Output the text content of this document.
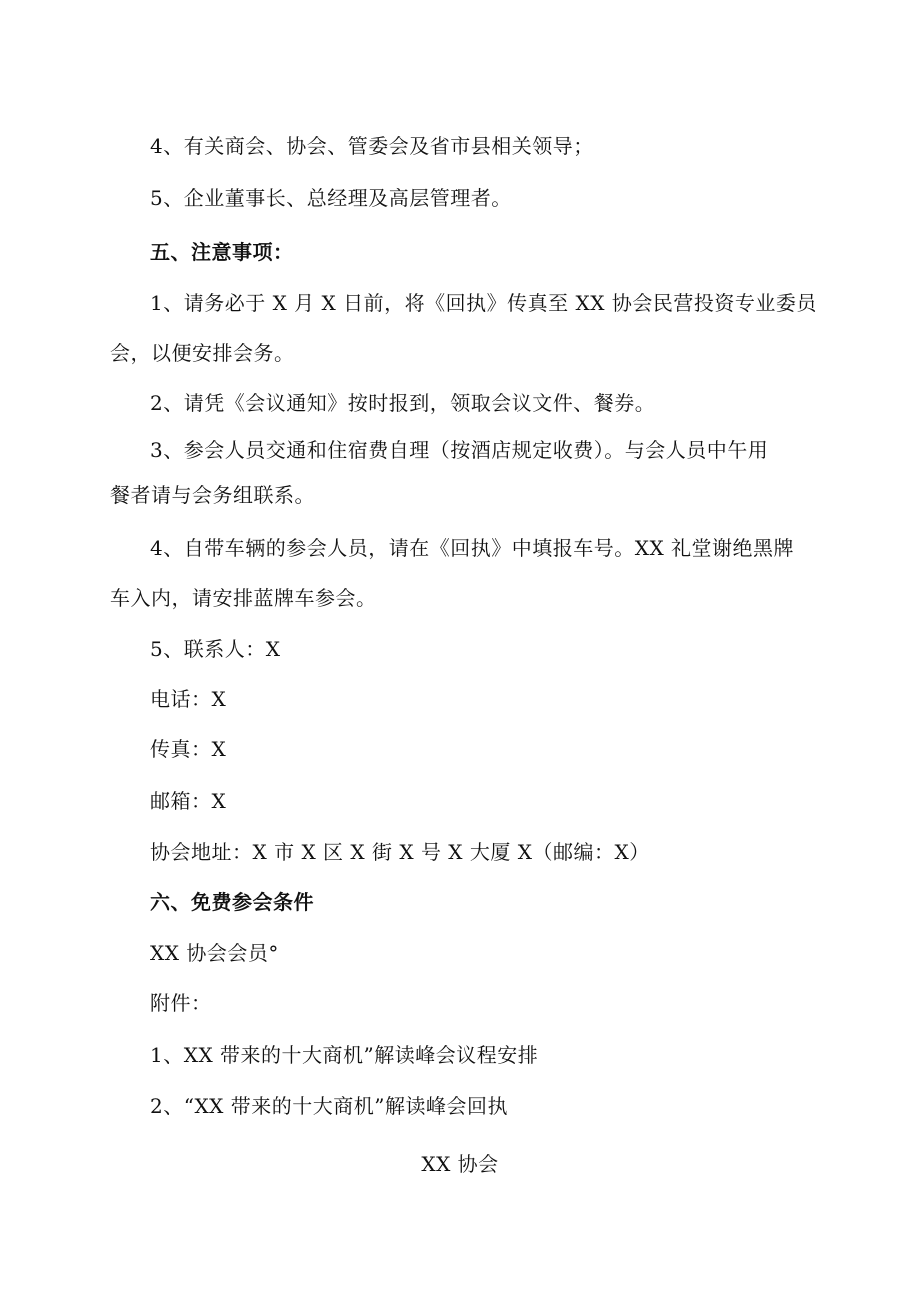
4、有关商会、协会、管委会及省市县相关领导；
5、企业董事长、总经理及高层管理者。
五、注意事项：
1、请务必于 X 月 X 日前，将《回执》传真至 XX 协会民营投资专业委员
会，以便安排会务。
2、请凭《会议通知》按时报到，领取会议文件、餐券。
3、参会人员交通和住宿费自理（按酒店规定收费）。与会人员中午用
餐者请与会务组联系。
4、自带车辆的参会人员，请在《回执》中填报车号。XX 礼堂谢绝黑牌
车入内，请安排蓝牌车参会。
5、联系人：X
电话：X
传真：X
邮箱：X
协会地址：X 市 X 区 X 街 X 号 X 大厦 X（邮编：X）
六、免费参会条件
XX 协会会员°
附件：
1、XX 带来的十大商机”解读峰会议程安排
2、“XX 带来的十大商机”解读峰会回执
XX 协会
